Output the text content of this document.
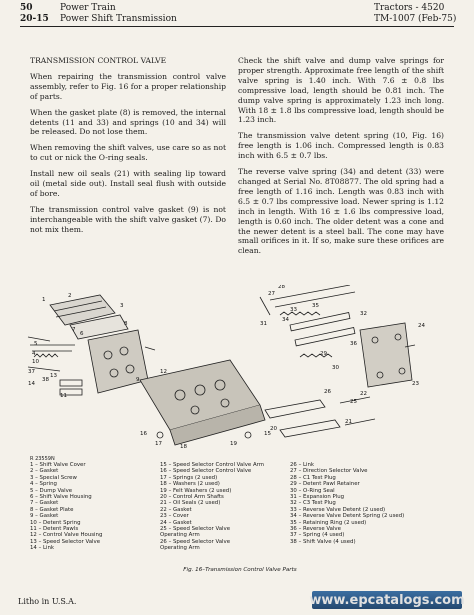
50	Power Train
20-15 Power Shift Transmission
Tractors - 4520
TM-1007 (Feb-75)
TRANSMISSION CONTROL VALVE

When repairing the transmission control valve assembly, refer to Fig. 16 for a proper relationship of parts.

When the gasket plate (8) is removed, the internal detents (11 and 33) and springs (10 and 34) will be released. Do not lose them.

When removing the shift valves, use care so as not to cut or nick the O-ring seals.

Install new oil seals (21) with sealing lip toward oil (metal side out). Install seal flush with outside of bore.

The transmission control valve gasket (9) is not interchangeable with the shift valve gasket (7). Do not mix them.

Check the shift valve and dump valve springs for proper strength. Approximate free length of the shift valve spring is 1.40 inch. With 7.6 ± 0.8 lbs compressive load, length should be 0.81 inch. The dump valve spring is approximately 1.23 inch long. With 18 ± 1.8 lbs compressive load, length should be 1.23 inch.

The transmission valve detent spring (10, Fig. 16) free length is 1.06 inch. Compressed length is 0.83 inch with 6.5 ± 0.7 lbs.

The reverse valve spring (34) and detent (33) were changed at Serial No. 8T08877. The old spring had a free length of 1.16 inch. Length was 0.83 inch with 6.5 ± 0.7 lbs compressive load. Newer spring is 1.12 inch in length. With 16 ± 1.6 lbs compressive load, length is 0.60 inch. The older detent was a cone and the newer detent is a steel ball. The cone may have small orifices in it. If so, make sure these orifices are clean.

1
2
3
4
5
6
7
8
9
10
11
12
13
14
15
16
17	18	19
20
21
22
23
24
25
26
27
28
29
30
31
32
33
34
35
36
37
38
R 23559N
1 – Shift Valve Cover
2 – Gasket
3 – Special Screw
4 – Spring
5 – Dump Valve
6 – Shift Valve Housing
7 – Gasket
8 – Gasket Plate
9 – Gasket
10 – Detent Spring
11 – Detent Pawls
12 – Control Valve Housing
13 – Speed Selector Valve
14 – Link
15 – Speed Selector Control Valve Arm
16 – Speed Selector Control Valve
17 – Springs (2 used)
18 – Washers (2 used)
19 – Felt Washers (2 used)
20 – Control Arm Shafts
21 – Oil Seals (2 used)
22 – Gasket
23 – Cover
24 – Gasket
25 – Speed Selector Valve
Operating Arm
26 – Speed Selector Valve
Operating Arm
26 – Link
27 – Direction Selector Valve
28 – C1 Test Plug
29 – Detent Pawl Retainer
30 – O-Ring Seal
31 – Expansion Plug
32 – C3 Test Plug
33 – Reverse Valve Detent (2 used)
34 – Reverse Valve Detent Spring (2 used)
35 – Retaining Ring (2 used)
36 – Reverse Valve
37 – Spring (4 used)
38 – Shift Valve (4 used)
Fig. 16–Transmission Control Valve Parts
Litho in U.S.A.	www.epcatalogs.com
